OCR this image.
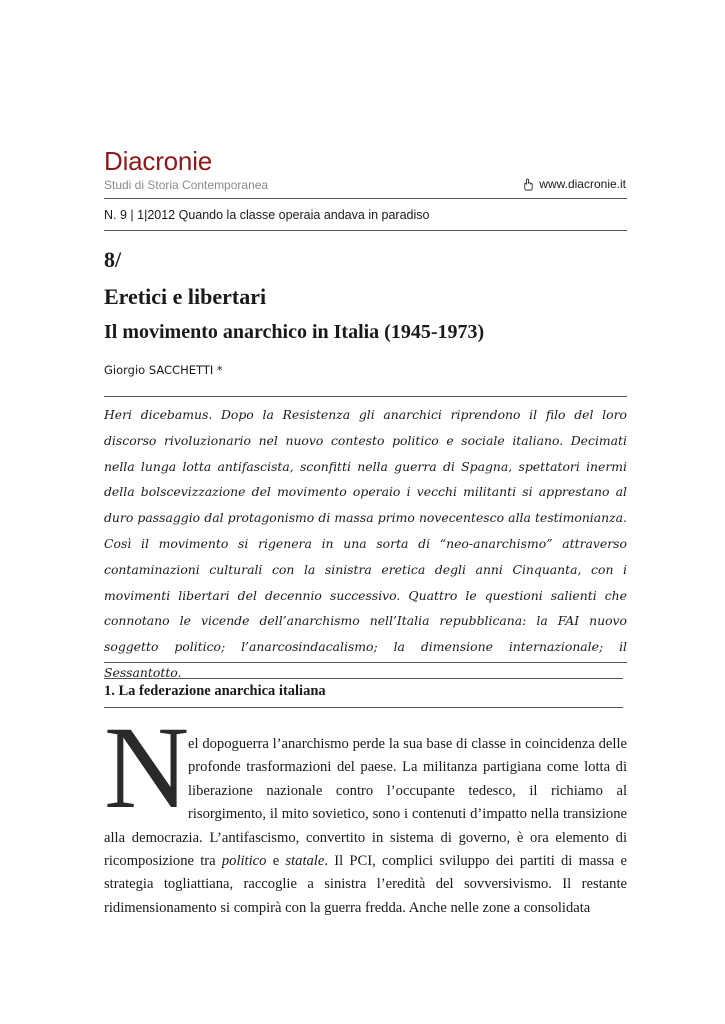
Diacronie
Studi di Storia Contemporanea	www.diacronie.it
N. 9 | 1|2012 Quando la classe operaia andava in paradiso
8/
Eretici e libertari
Il movimento anarchico in Italia (1945-1973)
Giorgio SACCHETTI *

Heri dicebamus. Dopo la Resistenza gli anarchici riprendono il filo del loro discorso rivoluzionario nel nuovo contesto politico e sociale italiano. Decimati nella lunga lotta antifascista, sconfitti nella guerra di Spagna, spettatori inermi della bolscevizzazione del movimento operaio i vecchi militanti si apprestano al duro passaggio dal protagonismo di massa primo novecentesco alla testimonianza. Così il movimento si rigenera in una sorta di “neo-anarchismo” attraverso contaminazioni culturali con la sinistra eretica degli anni Cinquanta, con i movimenti libertari del decennio successivo. Quattro le questioni salienti che connotano le vicende dell’anarchismo nell’Italia repubblicana: la FAI nuovo soggetto politico; l’anarcosindacalismo; la dimensione internazionale; il Sessantotto.

1. La federazione anarchica italiana
N

el dopoguerra l’anarchismo perde la sua base di classe in coincidenza delle profonde trasformazioni del paese. La militanza partigiana come lotta di liberazione nazionale contro l’occupante tedesco, il richiamo al risorgimento, il mito sovietico, sono i contenuti d’impatto nella transizione alla democrazia. L’antifascismo, convertito in sistema di governo, è ora elemento di ricomposizione tra politico e statale. Il PCI, complici sviluppo dei partiti di massa e strategia togliattiana, raccoglie a sinistra l’eredità del sovversivismo. Il restante ridimensionamento si compirà con la guerra fredda. Anche nelle zone a consolidata
